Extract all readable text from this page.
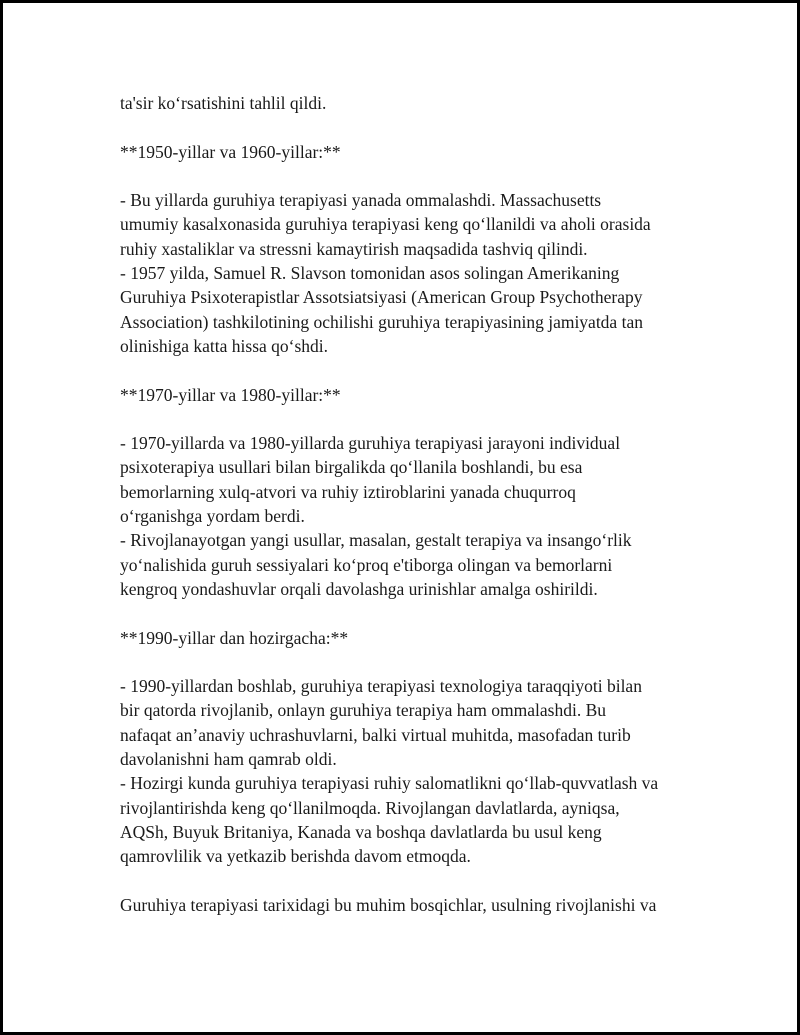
ta'sir ko‘rsatishini tahlil qildi.
**1950-yillar va 1960-yillar:**
- Bu yillarda guruhiya terapiyasi yanada ommalashdi. Massachusetts
umumiy kasalxonasida guruhiya terapiyasi keng qo‘llanildi va aholi orasida
ruhiy xastaliklar va stressni kamaytirish maqsadida tashviq qilindi.
- 1957 yilda, Samuel R. Slavson tomonidan asos solingan Amerikaning
Guruhiya Psixoterapistlar Assotsiatsiyasi (American Group Psychotherapy
Association) tashkilotining ochilishi guruhiya terapiyasining jamiyatda tan
olinishiga katta hissa qo‘shdi.
**1970-yillar va 1980-yillar:**
- 1970-yillarda va 1980-yillarda guruhiya terapiyasi jarayoni individual
psixoterapiya usullari bilan birgalikda qo‘llanila boshlandi, bu esa
bemorlarning xulq-atvori va ruhiy iztiroblarini yanada chuqurroq
o‘rganishga yordam berdi.
- Rivojlanayotgan yangi usullar, masalan, gestalt terapiya va insango‘rlik
yo‘nalishida guruh sessiyalari ko‘proq e'tiborga olingan va bemorlarni
kengroq yondashuvlar orqali davolashga urinishlar amalga oshirildi.
**1990-yillar dan hozirgacha:**
- 1990-yillardan boshlab, guruhiya terapiyasi texnologiya taraqqiyoti bilan
bir qatorda rivojlanib, onlayn guruhiya terapiya ham ommalashdi. Bu
nafaqat an’anaviy uchrashuvlarni, balki virtual muhitda, masofadan turib
davolanishni ham qamrab oldi.
- Hozirgi kunda guruhiya terapiyasi ruhiy salomatlikni qo‘llab-quvvatlash va
rivojlantirishda keng qo‘llanilmoqda. Rivojlangan davlatlarda, ayniqsa,
AQSh, Buyuk Britaniya, Kanada va boshqa davlatlarda bu usul keng
qamrovlilik va yetkazib berishda davom etmoqda.
Guruhiya terapiyasi tarixidagi bu muhim bosqichlar, usulning rivojlanishi va
